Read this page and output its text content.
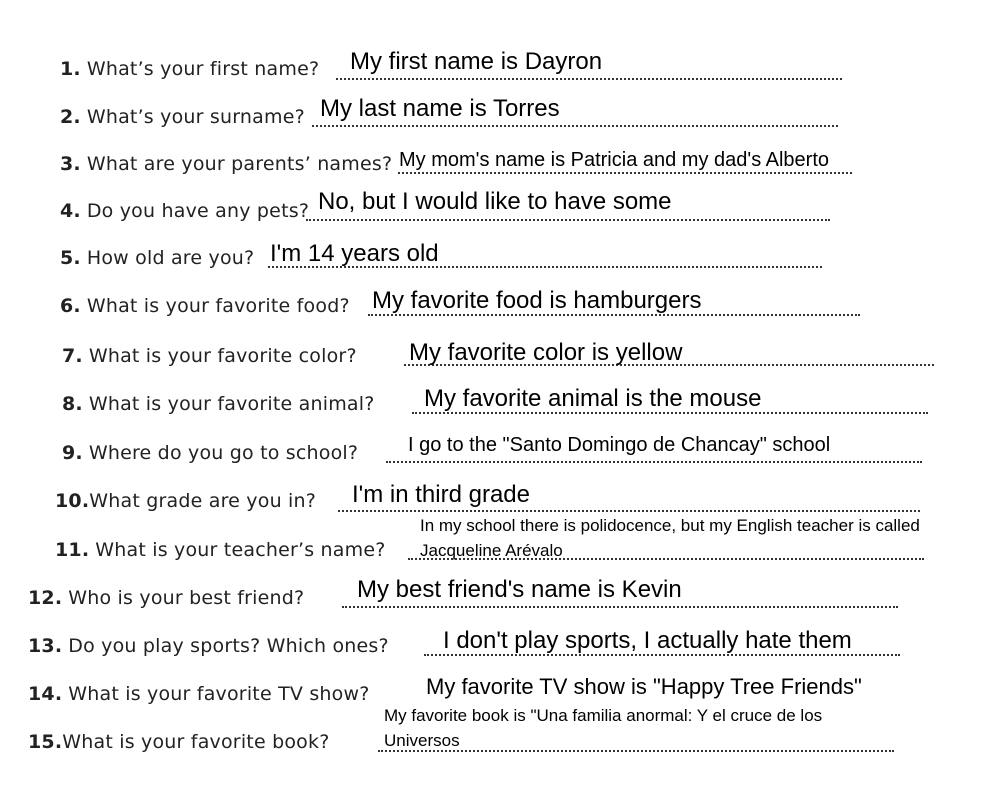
1. What’s your first name? My first name is Dayron
2. What’s your surname? My last name is Torres
3. What are your parents’ names? My mom's name is Patricia and my dad's Alberto
4. Do you have any pets? No, but I would like to have some
5. How old are you? I'm 14 years old
6. What is your favorite food? My favorite food is hamburgers
7. What is your favorite color? My favorite color is yellow
8. What is your favorite animal? My favorite animal is the mouse
9. Where do you go to school? I go to the "Santo Domingo de Chancay" school
10.What grade are you in? I'm in third grade
11. What is your teacher’s name?
In my school there is polidocence, but my English teacher is called Jacqueline Arévalo
12. Who is your best friend? My best friend's name is Kevin
13. Do you play sports? Which ones? I don't play sports, I actually hate them
14. What is your favorite TV show?	My favorite TV show is "Happy Tree Friends"
15.What is your favorite book?
My favorite book is "Una familia anormal: Y el cruce de los Universos
